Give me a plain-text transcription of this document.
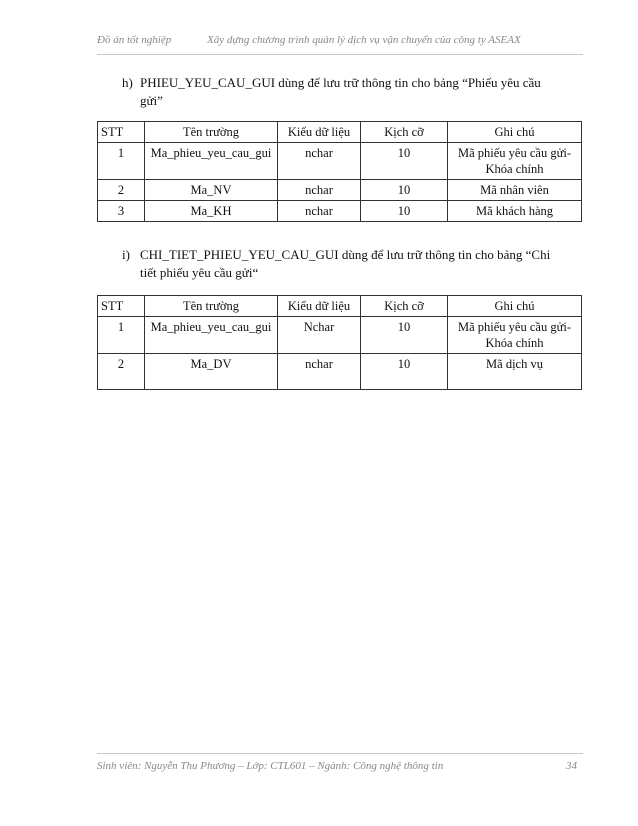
Đồ án tốt nghiệp	Xây dựng chương trình quản lý dịch vụ vận chuyển của công ty ASEAX
h) PHIEU_YEU_CAU_GUI dùng để lưu trữ thông tin cho bảng “Phiếu yêu cầu
gửi”
STT	Tên trường	Kiểu dữ liệu	Kịch cỡ	Ghi chú
1	Ma_phieu_yeu_cau_gui	nchar	10	Mã phiếu yêu cầu gửi-Khóa chính
2	Ma_NV	nchar	10	Mã nhân viên
3	Ma_KH	nchar	10	Mã khách hàng
i) CHI_TIET_PHIEU_YEU_CAU_GUI dùng để lưu trữ thông tin cho bảng “Chi
tiết phiếu yêu cầu gửi“
STT	Tên trường	Kiểu dữ liệu	Kịch cỡ	Ghi chú
1	Ma_phieu_yeu_cau_gui	Nchar	10	Mã phiếu yêu cầu gửi-Khóa chính
2	Ma_DV	nchar	10	Mã dịch vụ
Sinh viên: Nguyễn Thu Phương – Lớp: CTL601 – Ngành: Công nghệ thông tin	34
